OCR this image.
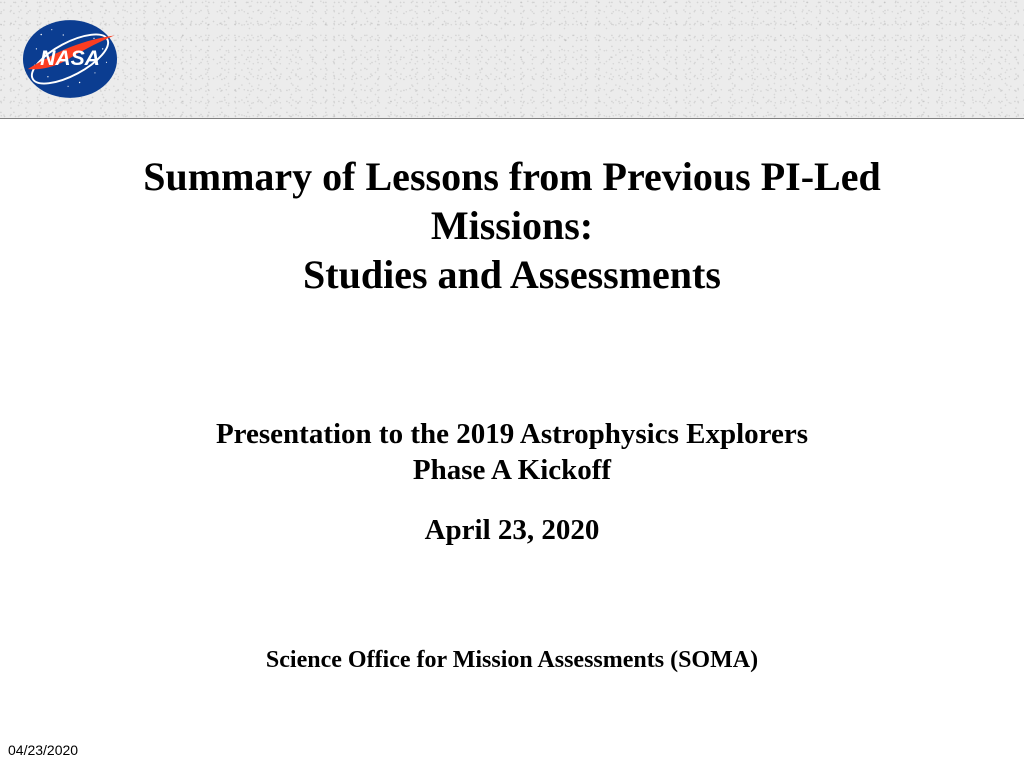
NASA
Summary of Lessons from Previous PI-Led
Missions:
Studies and Assessments
Presentation to the 2019 Astrophysics Explorers
Phase A Kickoff
April 23, 2020
Science Office for Mission Assessments (SOMA)
04/23/2020
